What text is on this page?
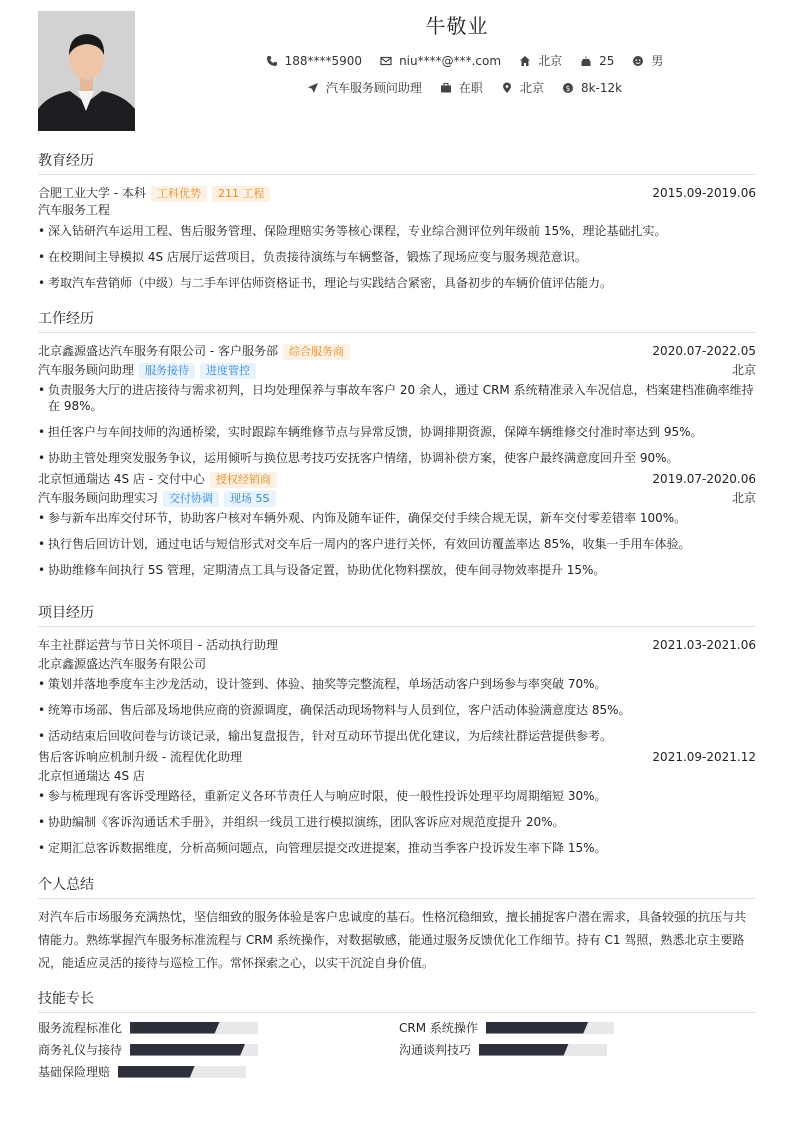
牛敬业
188****5900	niu****@***.com	北京	25	男
汽车服务顾问助理	在职	北京	$ 8k-12k
教育经历
合肥工业大学 - 本科	工科优势	211 工程	2015.09-2019.06
汽车服务工程
• 深入钻研汽车运用工程、售后服务管理、保险理赔实务等核心课程，专业综合测评位列年级前 15%，理论基础扎实。
• 在校期间主导模拟 4S 店展厅运营项目，负责接待演练与车辆整备，锻炼了现场应变与服务规范意识。
• 考取汽车营销师（中级）与二手车评估师资格证书，理论与实践结合紧密，具备初步的车辆价值评估能力。
工作经历
北京鑫源盛达汽车服务有限公司 - 客户服务部	综合服务商	2020.07-2022.05
汽车服务顾问助理	服务接待	进度管控	北京
• 负责服务大厅的进店接待与需求初判，日均处理保养与事故车客户 20 余人，通过 CRM 系统精准录入车况信息，档案建档准确率维持在 98%。
• 担任客户与车间技师的沟通桥梁，实时跟踪车辆维修节点与异常反馈，协调排期资源，保障车辆维修交付准时率达到 95%。
• 协助主管处理突发服务争议，运用倾听与换位思考技巧安抚客户情绪，协调补偿方案，使客户最终满意度回升至 90%。
北京恒通瑞达 4S 店 - 交付中心	授权经销商	2019.07-2020.06
汽车服务顾问助理实习	交付协调	现场 5S	北京
• 参与新车出库交付环节，协助客户核对车辆外观、内饰及随车证件，确保交付手续合规无误，新车交付零差错率 100%。
• 执行售后回访计划，通过电话与短信形式对交车后一周内的客户进行关怀，有效回访覆盖率达 85%，收集一手用车体验。
• 协助维修车间执行 5S 管理，定期清点工具与设备定置，协助优化物料摆放，使车间寻物效率提升 15%。
项目经历
车主社群运营与节日关怀项目 - 活动执行助理	2021.03-2021.06
北京鑫源盛达汽车服务有限公司
• 策划并落地季度车主沙龙活动，设计签到、体验、抽奖等完整流程，单场活动客户到场参与率突破 70%。
• 统筹市场部、售后部及场地供应商的资源调度，确保活动现场物料与人员到位，客户活动体验满意度达 85%。
• 活动结束后回收问卷与访谈记录，输出复盘报告，针对互动环节提出优化建议，为后续社群运营提供参考。
售后客诉响应机制升级 - 流程优化助理	2021.09-2021.12
北京恒通瑞达 4S 店
• 参与梳理现有客诉受理路径，重新定义各环节责任人与响应时限，使一般性投诉处理平均周期缩短 30%。
• 协助编制《客诉沟通话术手册》，并组织一线员工进行模拟演练，团队客诉应对规范度提升 20%。
• 定期汇总客诉数据维度，分析高频问题点，向管理层提交改进提案，推动当季客户投诉发生率下降 15%。
个人总结
对汽车后市场服务充满热忱，坚信细致的服务体验是客户忠诚度的基石。性格沉稳细致，擅长捕捉客户潜在需求，具备较强的抗压与共情能力。熟练掌握汽车服务标准流程与 CRM 系统操作，对数据敏感，能通过服务反馈优化工作细节。持有 C1 驾照，熟悉北京主要路况，能适应灵活的接待与巡检工作。常怀探索之心，以实干沉淀自身价值。
技能专长
服务流程标准化	CRM 系统操作
商务礼仪与接待	沟通谈判技巧
基础保险理赔
